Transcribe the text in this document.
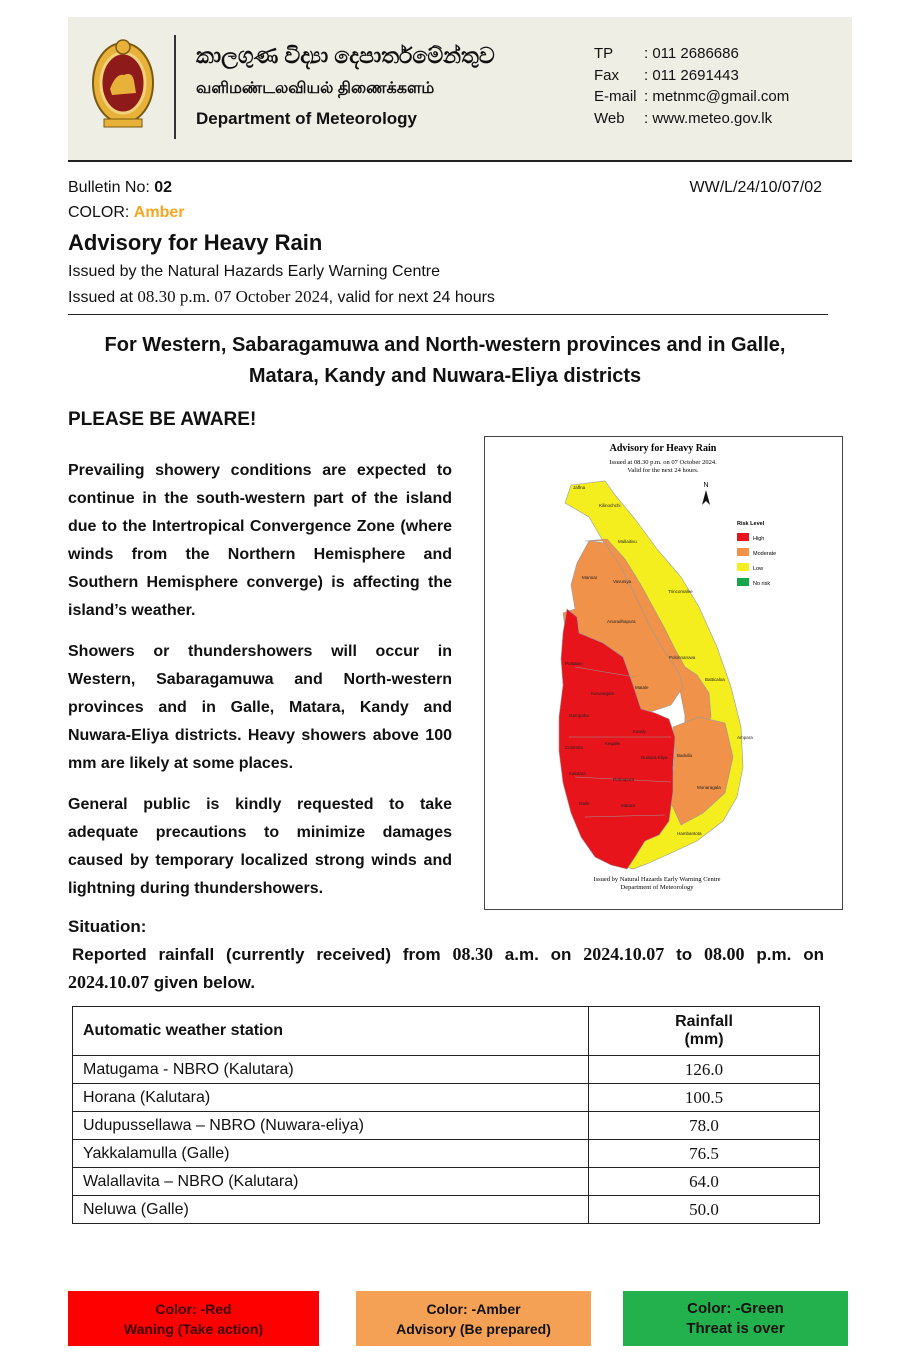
කාලගුණ විද්‍යා දෙපාර්තමේන්තුව
வளிமண்டலவியல் திணைக்களம்
Department of Meteorology
TP	: 011 2686686
Fax	: 011 2691443
E-mail : metnmc@gmail.com
Web	: www.meteo.gov.lk
Bulletin No: 02	WW/L/24/10/07/02
COLOR: Amber
Advisory for Heavy Rain
Issued by the Natural Hazards Early Warning Centre
Issued at 08.30 p.m. 07 October 2024, valid for next 24 hours
For Western, Sabaragamuwa and North-western provinces and in Galle,
Matara, Kandy and Nuwara-Eliya districts
PLEASE BE AWARE!
Prevailing showery conditions are expected to continue in the south-western part of the island due to the Intertropical Convergence Zone (where winds from the Northern Hemisphere and Southern Hemisphere converge) is affecting the island’s weather.
Showers or thundershowers will occur in Western, Sabaragamuwa and North-western provinces and in Galle, Matara, Kandy and Nuwara-Eliya districts. Heavy showers above 100 mm are likely at some places.
General public is kindly requested to take adequate precautions to minimize damages caused by temporary localized strong winds and lightning during thundershowers.
Advisory for Heavy Rain
Issued at 08.30 p.m. on 07 October 2024.
Valid for the next 24 hours.
N
Jaffna
Kilinochchi
Mullaitivu
Mannar
Vavuniya
Trincomalee
Anuradhapura
Polonnaruwa
Puttalam
Kurunegala
Matale
Batticaloa
Gampaha
Kandy
Ampara
Colombo
Kegalle
Nuwara Eliya Badulla
Kalutara
Ratnapura
Monaragala
Galle
Hambantota
Matara
Risk Level
High
Moderate
Low
No risk
Issued by Natural Hazards Early Warning Centre
Department of Meteorology
Situation:
Reported rainfall (currently received) from 08.30 a.m. on 2024.10.07 to 08.00 p.m. on
2024.10.07 given below.
Automatic weather station	Rainfall
(mm)

Matugama - NBRO (Kalutara)	126.0
Horana (Kalutara)	100.5
Udupussellawa – NBRO (Nuwara-eliya)	78.0
Yakkalamulla (Galle)	76.5
Walallavita – NBRO (Kalutara)	64.0
Neluwa (Galle)	50.0
Color: -Red
Waning (Take action)
Color: -Amber
Advisory (Be prepared)
Color: -Green
Threat is over
